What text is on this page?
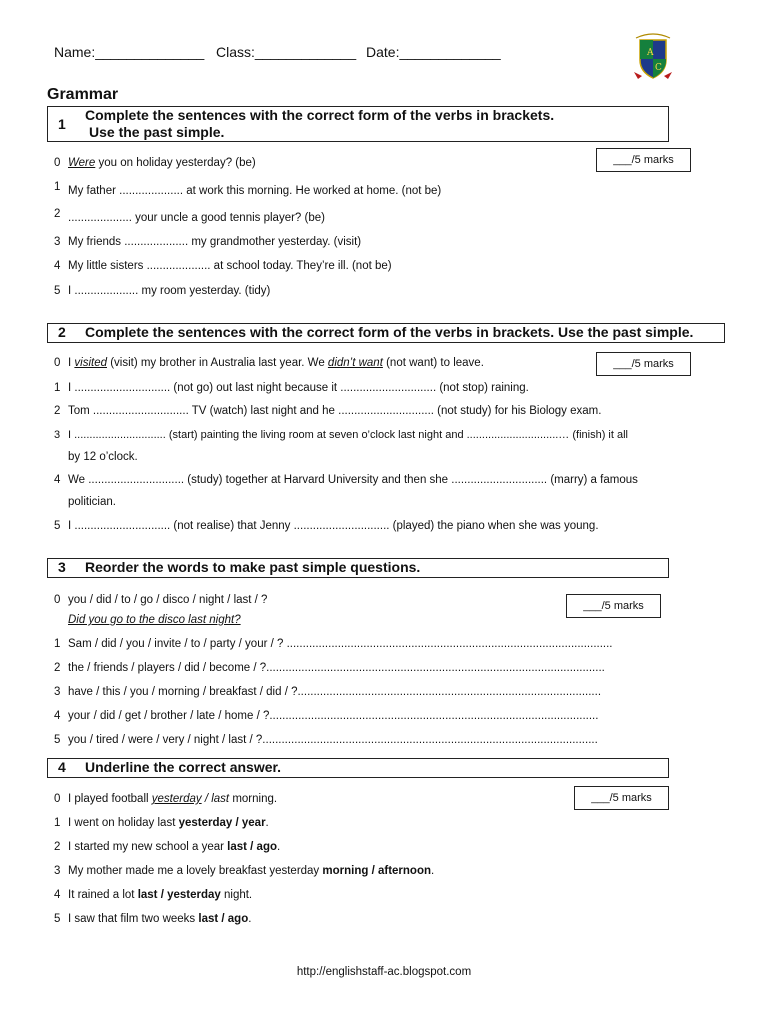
Name:______________ Class:_____________ Date:_____________	A
C
Grammar
1
Complete the sentences with the correct form of the verbs in brackets.
Use the past simple.
___/5 marks
0 Were you on holiday yesterday? (be)
1 My father .................... at work this morning. He worked at home. (not be)
2 .................... your uncle a good tennis player? (be)
3 My friends .................... my grandmother yesterday. (visit)
4 My little sisters .................... at school today. They’re ill. (not be)
5 I .................... my room yesterday. (tidy)
2 Complete the sentences with the correct form of the verbs in brackets. Use the past simple.
___/5 marks
0 I visited (visit) my brother in Australia last year. We didn’t want (not want) to leave.
1 I .............................. (not go) out last night because it .............................. (not stop) raining.
2 Tom .............................. TV (watch) last night and he .............................. (not study) for his Biology exam.
3 I .............................. (start) painting the living room at seven o’clock last night and ..............................… (finish) it all
by 12 o’clock.
4 We .............................. (study) together at Harvard University and then she .............................. (marry) a famous
politician.
5 I .............................. (not realise) that Jenny .............................. (played) the piano when she was young.
3 Reorder the words to make past simple questions.
___/5 marks
0 you / did / to / go / disco / night / last / ?
Did you go to the disco last night?
1 Sam / did / you / invite / to / party / your / ? ......................................................................................................
2 the / friends / players / did / become / ?..........................................................................................................
3 have / this / you / morning / breakfast / did / ?...............................................................................................
4 your / did / get / brother / late / home / ?.......................................................................................................
5 you / tired / were / very / night / last / ?.........................................................................................................
4 Underline the correct answer.
___/5 marks
0 I played football yesterday / last morning.
1 I went on holiday last yesterday / year.
2 I started my new school a year last / ago.
3 My mother made me a lovely breakfast yesterday morning / afternoon.
4 It rained a lot last / yesterday night.
5 I saw that film two weeks last / ago.
http://englishstaff-ac.blogspot.com
